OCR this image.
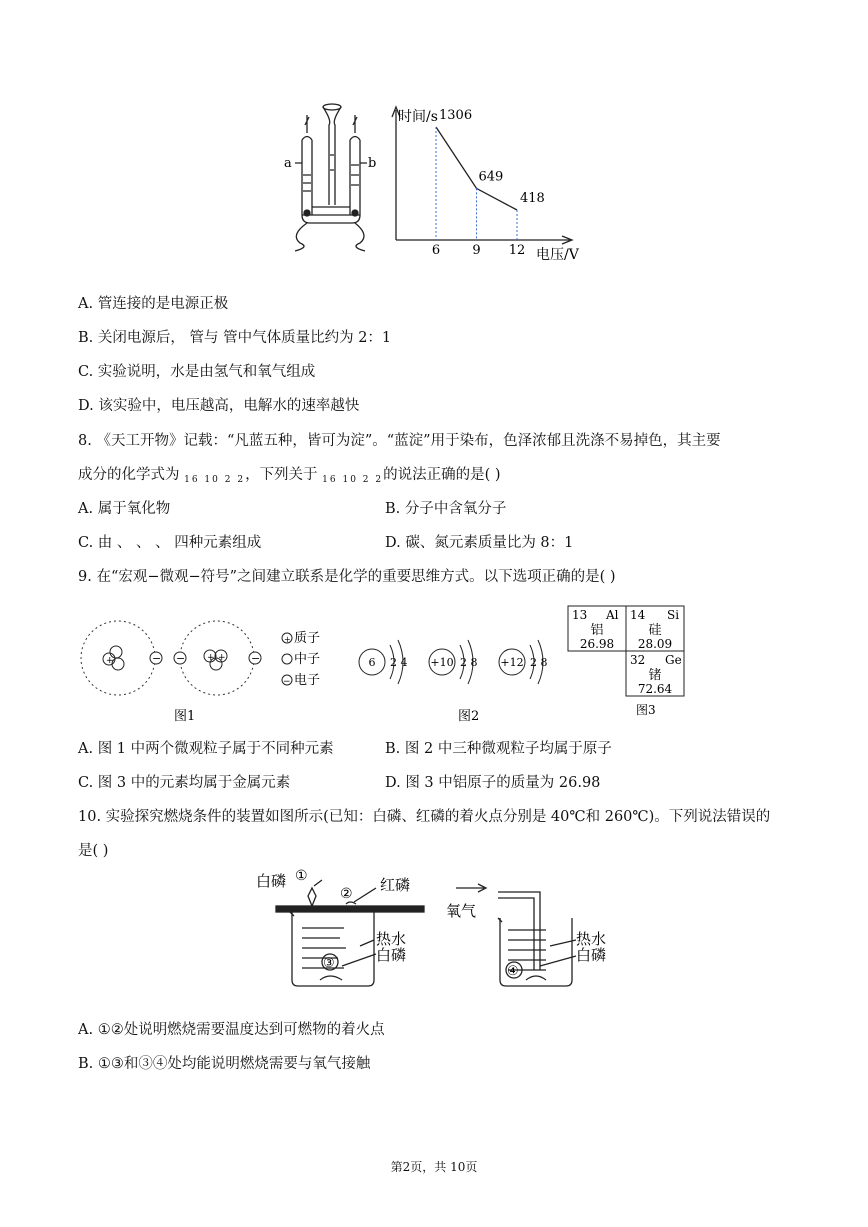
a	b
时间/s
电压/V
6 9 12
1306
649
418
A. 管连接的是电源正极
B. 关闭电源后， 管与 管中气体质量比约为 2：1
C. 实验说明，水是由氢气和氧气组成
D. 该实验中，电压越高，电解水的速率越快
8. 《天工开物》记载：“凡蓝五种，皆可为淀”。“蓝淀”用于染布，色泽浓郁且洗涤不易掉色，其主要
成分的化学式为 $_{16 10 2 2}$，下列关于 $_{16 10 2 2}$的说法正确的是( )
A. 属于氧化物	B. 分子中含氧分子
C. 由 、 、 、 四种元素组成	D. 碳、氮元素质量比为 8：1
9. 在“宏观−微观−符号”之间建立联系是化学的重要思维方式。以下选项正确的是( )
+	−	+ +
−	−
+ 质子
中子
− 电子
图1
6 2 4 +10 2 8 +12 2 8
图2
13 Al
铝
26.98
14 Si
硅
28.09
32 Ge
锗
72.64
图3
A. 图 1 中两个微观粒子属于不同种元素	B. 图 2 中三种微观粒子均属于原子
C. 图 3 中的元素均属于金属元素	D. 图 3 中铝原子的质量为 26.98
10. 实验探究燃烧条件的装置如图所示(已知：白磷、红磷的着火点分别是 40℃和 260℃)。下列说法错误的
是( )
白磷 ①
② 红磷
热水
白磷
③
氧气
热水
白磷
④
A. ①②处说明燃烧需要温度达到可燃物的着火点
B. ①③和③④处均能说明燃烧需要与氧气接触
第2页，共 10页
